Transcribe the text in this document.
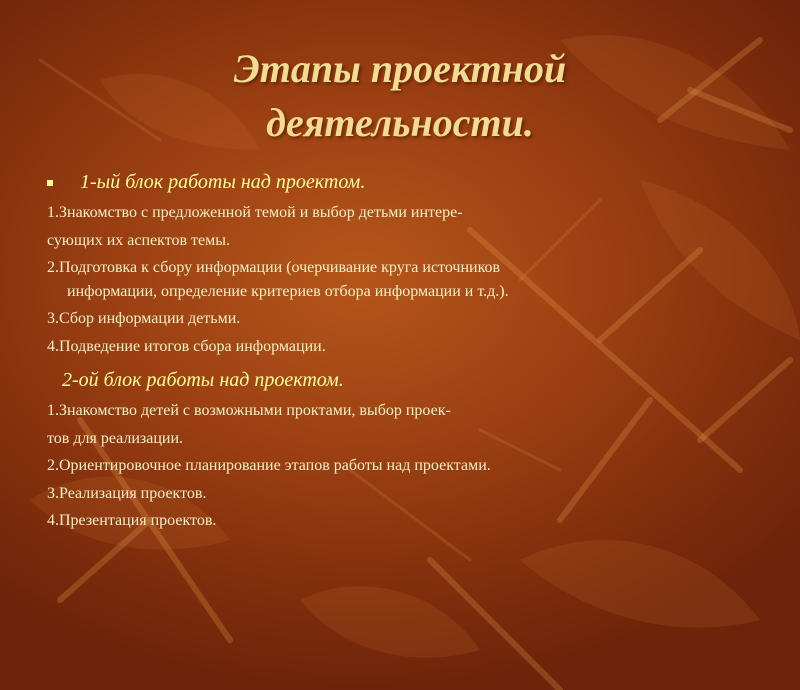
Этапы проектной
деятельности.
1-ый блок работы над проектом.
1.Знакомство с предложенной темой и выбор детьми интере-
сующих их аспектов темы.
2.Подготовка к сбору информации (очерчивание круга источников
информации, определение критериев отбора информации и т.д.).
3.Сбор информации детьми.
4.Подведение итогов сбора информации.
2-ой блок работы над проектом.
1.Знакомство детей с возможными проктами, выбор проек-
тов для реализации.
2.Ориентировочное планирование этапов работы над проектами.
3.Реализация проектов.
4.Презентация проектов.
